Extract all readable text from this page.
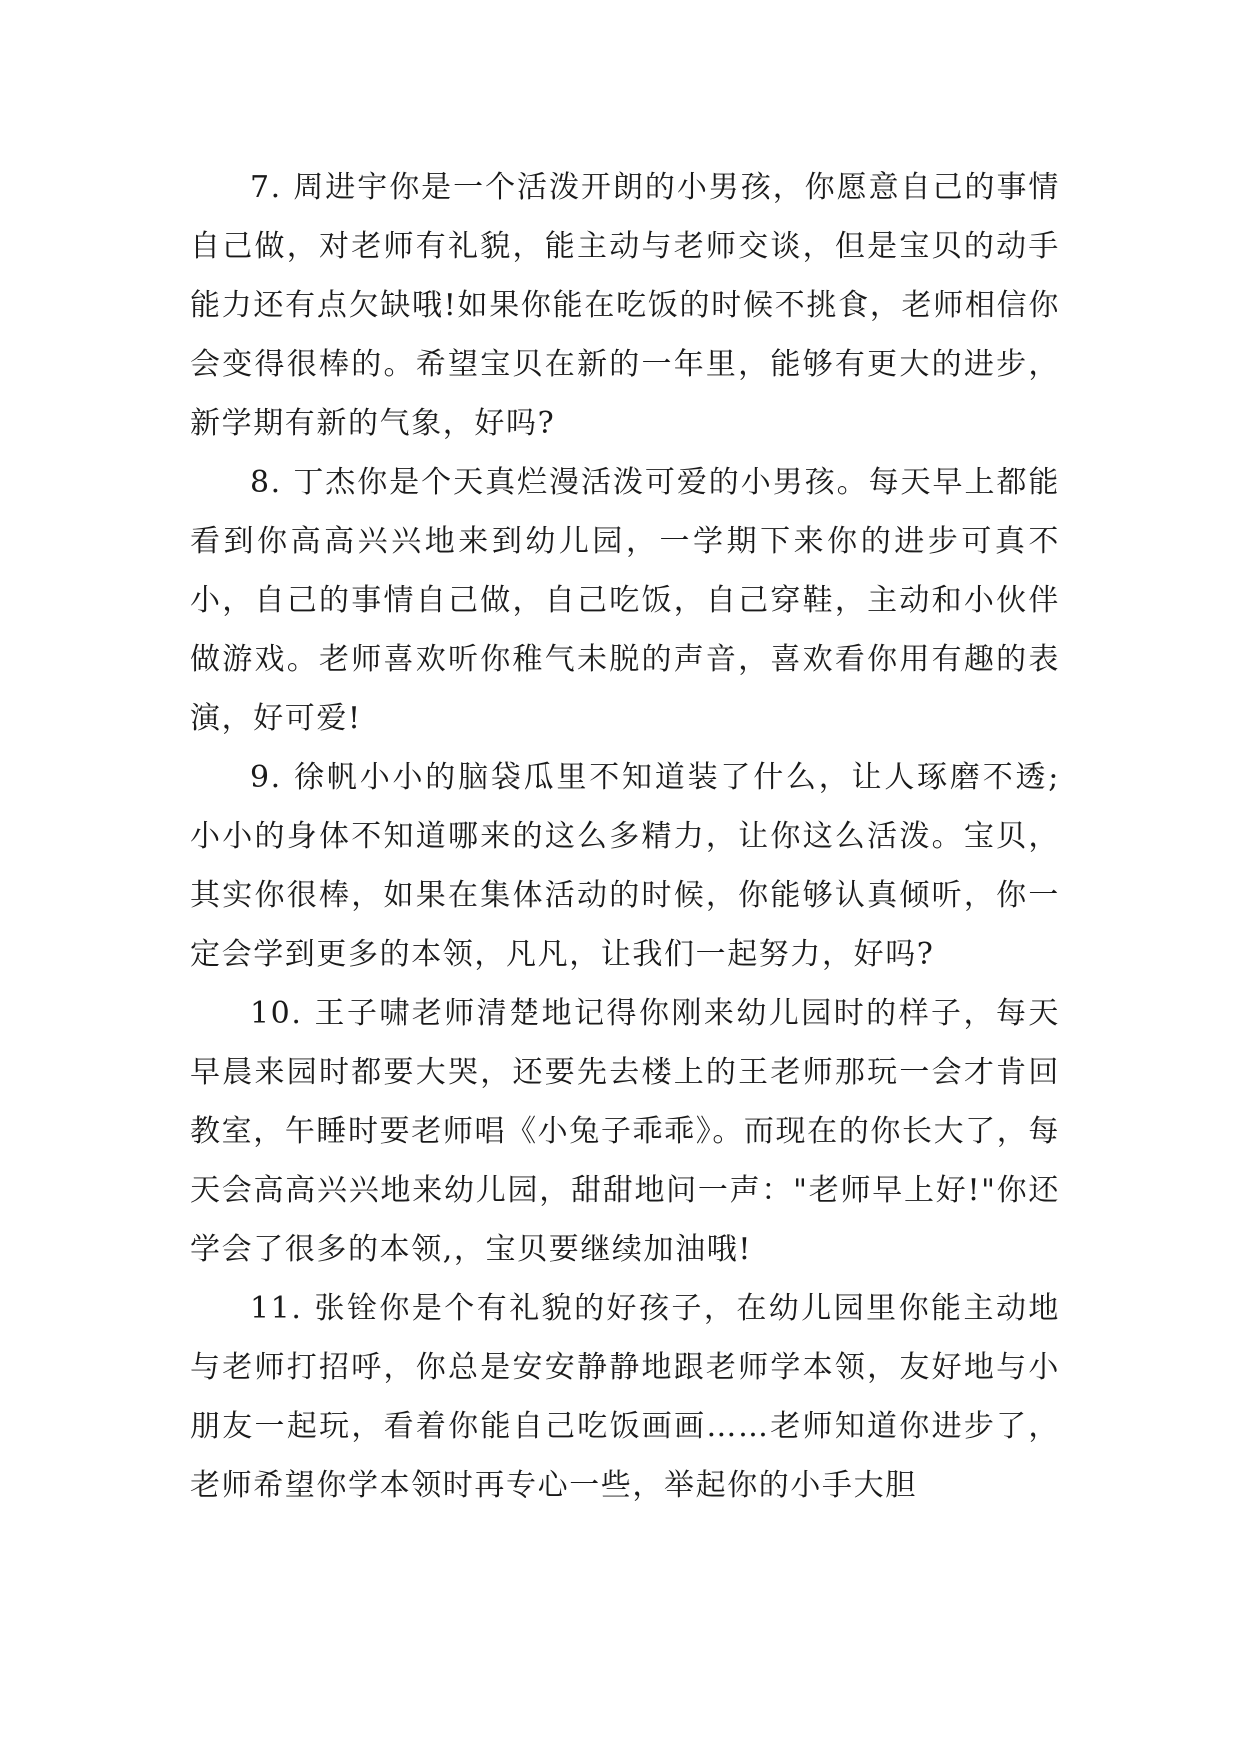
7. 周进宇你是一个活泼开朗的小男孩，你愿意自己的事情自己做，对老师有礼貌，能主动与老师交谈，但是宝贝的动手能力还有点欠缺哦!如果你能在吃饭的时候不挑食，老师相信你会变得很棒的。希望宝贝在新的一年里，能够有更大的进步，新学期有新的气象，好吗?

8. 丁杰你是个天真烂漫活泼可爱的小男孩。每天早上都能看到你高高兴兴地来到幼儿园，一学期下来你的进步可真不小，自己的事情自己做，自己吃饭，自己穿鞋，主动和小伙伴做游戏。老师喜欢听你稚气未脱的声音，喜欢看你用有趣的表演，好可爱!

9. 徐帆小小的脑袋瓜里不知道装了什么，让人琢磨不透;小小的身体不知道哪来的这么多精力，让你这么活泼。宝贝，其实你很棒，如果在集体活动的时候，你能够认真倾听，你一定会学到更多的本领，凡凡，让我们一起努力，好吗?

10. 王子啸老师清楚地记得你刚来幼儿园时的样子，每天早晨来园时都要大哭，还要先去楼上的王老师那玩一会才肯回教室，午睡时要老师唱《小兔子乖乖》。而现在的你长大了，每天会高高兴兴地来幼儿园，甜甜地问一声："老师早上好!"你还学会了很多的本领,，宝贝要继续加油哦!

11. 张铨你是个有礼貌的好孩子，在幼儿园里你能主动地与老师打招呼，你总是安安静静地跟老师学本领，友好地与小朋友一起玩，看着你能自己吃饭画画……老师知道你进步了，老师希望你学本领时再专心一些，举起你的小手大胆
